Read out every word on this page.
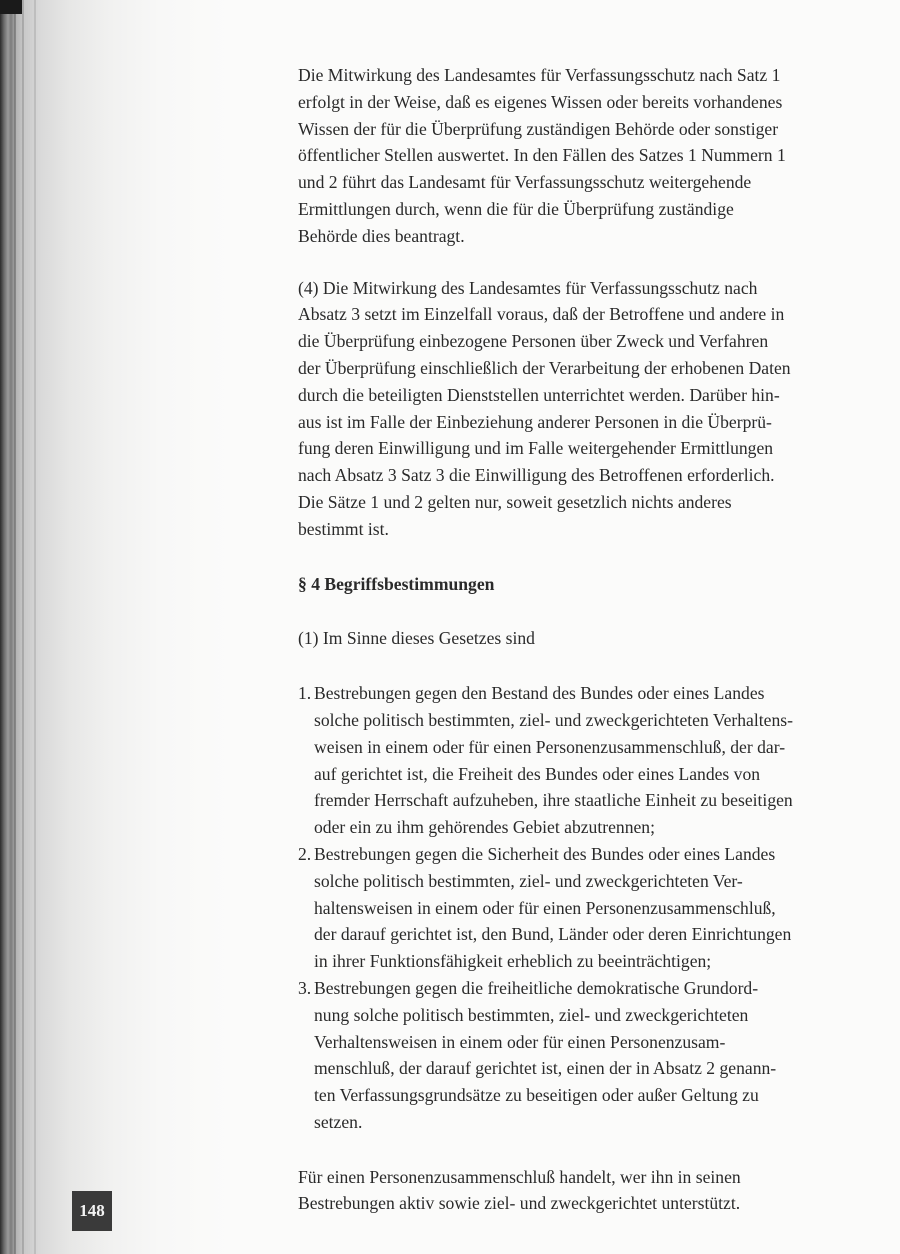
Die Mitwirkung des Landesamtes für Verfassungsschutz nach Satz 1
erfolgt in der Weise, daß es eigenes Wissen oder bereits vorhandenes
Wissen der für die Überprüfung zuständigen Behörde oder sonstiger
öffentlicher Stellen auswertet. In den Fällen des Satzes 1 Nummern 1
und 2 führt das Landesamt für Verfassungsschutz weitergehende
Ermittlungen durch, wenn die für die Überprüfung zuständige
Behörde dies beantragt.
(4) Die Mitwirkung des Landesamtes für Verfassungsschutz nach
Absatz 3 setzt im Einzelfall voraus, daß der Betroffene und andere in
die Überprüfung einbezogene Personen über Zweck und Verfahren
der Überprüfung einschließlich der Verarbeitung der erhobenen Daten
durch die beteiligten Dienststellen unterrichtet werden. Darüber hin-
aus ist im Falle der Einbeziehung anderer Personen in die Überprü-
fung deren Einwilligung und im Falle weitergehender Ermittlungen
nach Absatz 3 Satz 3 die Einwilligung des Betroffenen erforderlich.
Die Sätze 1 und 2 gelten nur, soweit gesetzlich nichts anderes
bestimmt ist.
§ 4 Begriffsbestimmungen
(1) Im Sinne dieses Gesetzes sind
1. Bestrebungen gegen den Bestand des Bundes oder eines Landes
solche politisch bestimmten, ziel- und zweckgerichteten Verhaltens-
weisen in einem oder für einen Personenzusammenschluß, der dar-
auf gerichtet ist, die Freiheit des Bundes oder eines Landes von
fremder Herrschaft aufzuheben, ihre staatliche Einheit zu beseitigen
oder ein zu ihm gehörendes Gebiet abzutrennen;
2. Bestrebungen gegen die Sicherheit des Bundes oder eines Landes
solche politisch bestimmten, ziel- und zweckgerichteten Ver-
haltensweisen in einem oder für einen Personenzusammenschluß,
der darauf gerichtet ist, den Bund, Länder oder deren Einrichtungen
in ihrer Funktionsfähigkeit erheblich zu beeinträchtigen;
3. Bestrebungen gegen die freiheitliche demokratische Grundord-
nung solche politisch bestimmten, ziel- und zweckgerichteten
Verhaltensweisen in einem oder für einen Personenzusam-
menschluß, der darauf gerichtet ist, einen der in Absatz 2 genann-
ten Verfassungsgrundsätze zu beseitigen oder außer Geltung zu
setzen.
Für einen Personenzusammenschluß handelt, wer ihn in seinen
Bestrebungen aktiv sowie ziel- und zweckgerichtet unterstützt.
148
